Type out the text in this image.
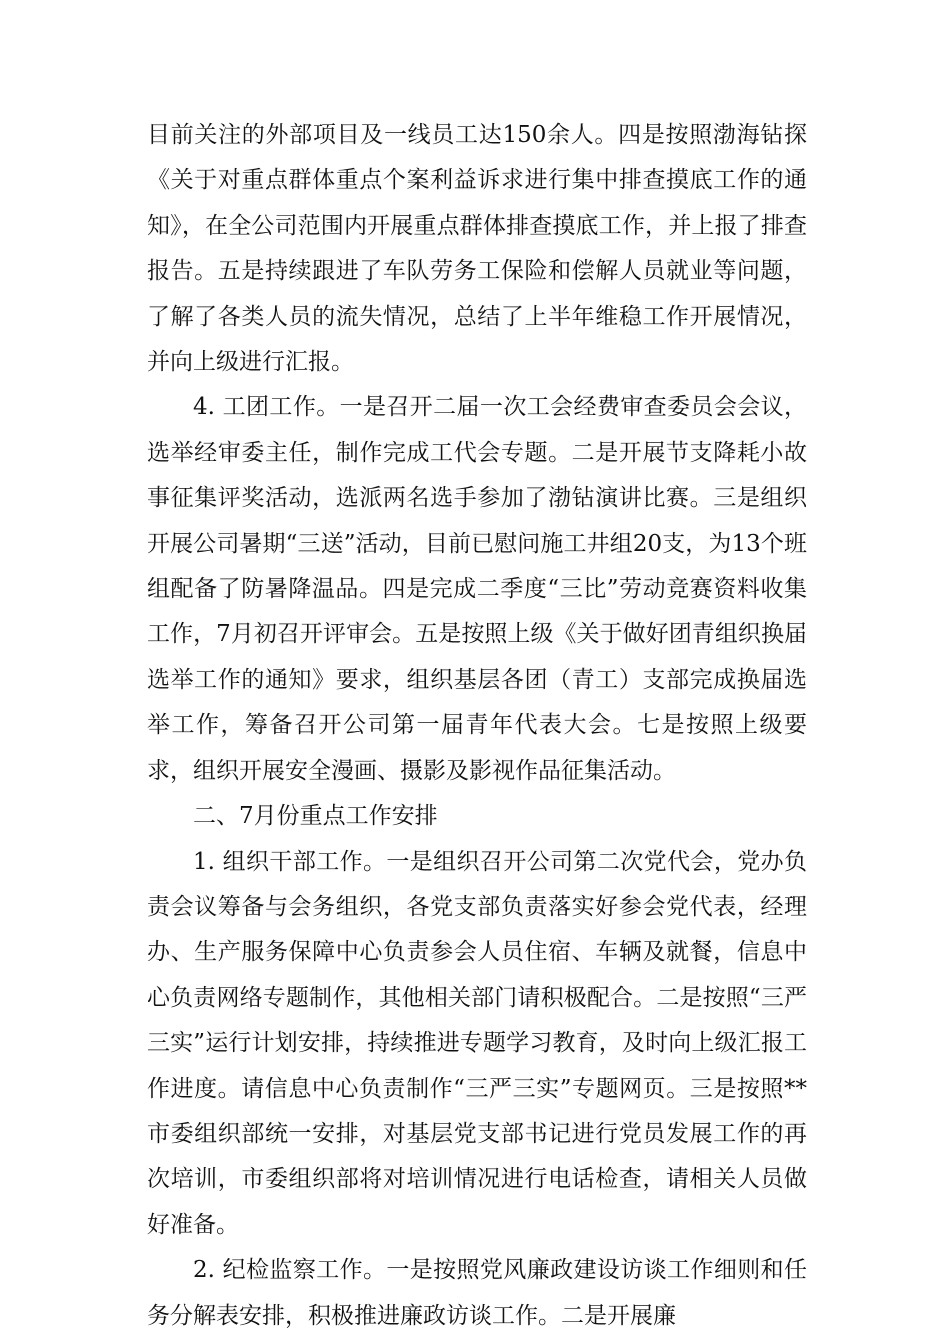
目前关注的外部项目及一线员工达150余人。四是按照渤海钻探《关于对重点群体重点个案利益诉求进行集中排查摸底工作的通知》，在全公司范围内开展重点群体排查摸底工作，并上报了排查报告。五是持续跟进了车队劳务工保险和偿解人员就业等问题，了解了各类人员的流失情况，总结了上半年维稳工作开展情况，并向上级进行汇报。

4. 工团工作。一是召开二届一次工会经费审查委员会会议，选举经审委主任，制作完成工代会专题。二是开展节支降耗小故事征集评奖活动，选派两名选手参加了渤钻演讲比赛。三是组织开展公司暑期“三送”活动，目前已慰问施工井组20支，为13个班组配备了防暑降温品。四是完成二季度“三比”劳动竞赛资料收集工作，7月初召开评审会。五是按照上级《关于做好团青组织换届选举工作的通知》要求，组织基层各团（青工）支部完成换届选举工作，筹备召开公司第一届青年代表大会。七是按照上级要求，组织开展安全漫画、摄影及影视作品征集活动。

二、7月份重点工作安排

1. 组织干部工作。一是组织召开公司第二次党代会，党办负责会议筹备与会务组织，各党支部负责落实好参会党代表，经理办、生产服务保障中心负责参会人员住宿、车辆及就餐，信息中心负责网络专题制作，其他相关部门请积极配合。二是按照“三严三实”运行计划安排，持续推进专题学习教育，及时向上级汇报工作进度。请信息中心负责制作“三严三实”专题网页。三是按照**市委组织部统一安排，对基层党支部书记进行党员发展工作的再次培训，市委组织部将对培训情况进行电话检查，请相关人员做好准备。

2. 纪检监察工作。一是按照党风廉政建设访谈工作细则和任务分解表安排，积极推进廉政访谈工作。二是开展廉
